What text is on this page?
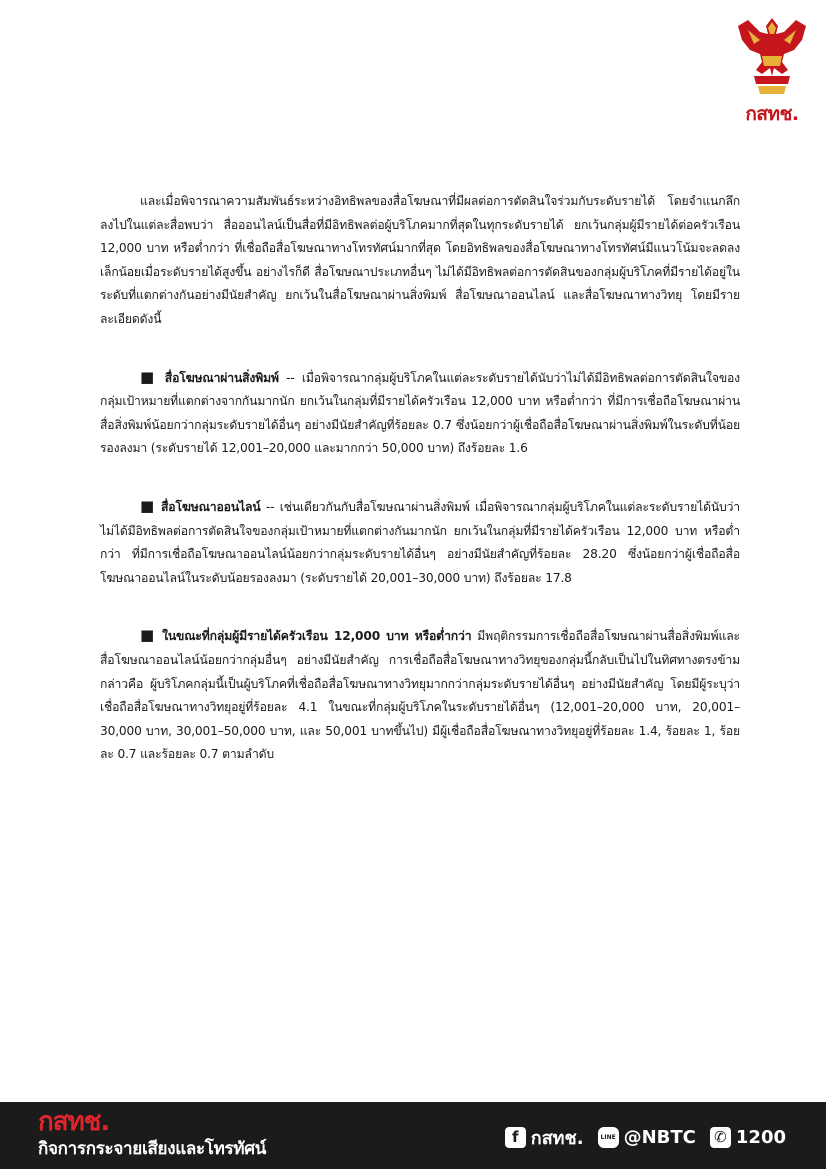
กสทช.

และเมื่อพิจารณาความสัมพันธ์ระหว่างอิทธิพลของสื่อโฆษณาที่มีผลต่อการตัดสินใจร่วมกับระดับรายได้ โดยจำแนกลึกลงไปในแต่ละสื่อพบว่า สื่อออนไลน์เป็นสื่อที่มีอิทธิพลต่อผู้บริโภคมากที่สุดในทุกระดับรายได้ ยกเว้นกลุ่มผู้มีรายได้ต่อครัวเรือน 12,000 บาท หรือต่ำกว่า ที่เชื่อถือสื่อโฆษณาทางโทรทัศน์มากที่สุด โดยอิทธิพลของสื่อโฆษณาทางโทรทัศน์มีแนวโน้มจะลดลงเล็กน้อยเมื่อระดับรายได้สูงขึ้น อย่างไรก็ดี สื่อโฆษณาประเภทอื่นๆ ไม่ได้มีอิทธิพลต่อการตัดสินของกลุ่มผู้บริโภคที่มีรายได้อยู่ในระดับที่แตกต่างกันอย่างมีนัยสำคัญ ยกเว้นในสื่อโฆษณาผ่านสิ่งพิมพ์ สื่อโฆษณาออนไลน์ และสื่อโฆษณาทางวิทยุ โดยมีรายละเอียดดังนี้

■ สื่อโฆษณาผ่านสิ่งพิมพ์ -- เมื่อพิจารณากลุ่มผู้บริโภคในแต่ละระดับรายได้นับว่าไม่ได้มีอิทธิพลต่อการตัดสินใจของกลุ่มเป้าหมายที่แตกต่างจากกันมากนัก ยกเว้นในกลุ่มที่มีรายได้ครัวเรือน 12,000 บาท หรือต่ำกว่า ที่มีการเชื่อถือโฆษณาผ่านสื่อสิ่งพิมพ์น้อยกว่ากลุ่มระดับรายได้อื่นๆ อย่างมีนัยสำคัญที่ร้อยละ 0.7 ซึ่งน้อยกว่าผู้เชื่อถือสื่อโฆษณาผ่านสิ่งพิมพ์ในระดับที่น้อยรองลงมา (ระดับรายได้ 12,001–20,000 และมากกว่า 50,000 บาท) ถึงร้อยละ 1.6

■ สื่อโฆษณาออนไลน์ -- เช่นเดียวกันกับสื่อโฆษณาผ่านสิ่งพิมพ์ เมื่อพิจารณากลุ่มผู้บริโภคในแต่ละระดับรายได้นับว่าไม่ได้มีอิทธิพลต่อการตัดสินใจของกลุ่มเป้าหมายที่แตกต่างกันมากนัก ยกเว้นในกลุ่มที่มีรายได้ครัวเรือน 12,000 บาท หรือต่ำกว่า ที่มีการเชื่อถือโฆษณาออนไลน์น้อยกว่ากลุ่มระดับรายได้อื่นๆ อย่างมีนัยสำคัญที่ร้อยละ 28.20 ซึ่งน้อยกว่าผู้เชื่อถือสื่อโฆษณาออนไลน์ในระดับน้อยรองลงมา (ระดับรายได้ 20,001–30,000 บาท) ถึงร้อยละ 17.8

■ ในขณะที่กลุ่มผู้มีรายได้ครัวเรือน 12,000 บาท หรือต่ำกว่า มีพฤติกรรมการเชื่อถือสื่อโฆษณาผ่านสื่อสิ่งพิมพ์และสื่อโฆษณาออนไลน์น้อยกว่ากลุ่มอื่นๆ อย่างมีนัยสำคัญ การเชื่อถือสื่อโฆษณาทางวิทยุของกลุ่มนี้กลับเป็นไปในทิศทางตรงข้าม กล่าวคือ ผู้บริโภคกลุ่มนี้เป็นผู้บริโภคที่เชื่อถือสื่อโฆษณาทางวิทยุมากกว่ากลุ่มระดับรายได้อื่นๆ อย่างมีนัยสำคัญ โดยมีผู้ระบุว่าเชื่อถือสื่อโฆษณาทางวิทยุอยู่ที่ร้อยละ 4.1 ในขณะที่กลุ่มผู้บริโภคในระดับรายได้อื่นๆ (12,001–20,000 บาท, 20,001–30,000 บาท, 30,001–50,000 บาท, และ 50,001 บาทขึ้นไป) มีผู้เชื่อถือสื่อโฆษณาทางวิทยุอยู่ที่ร้อยละ 1.4, ร้อยละ 1, ร้อยละ 0.7 และร้อยละ 0.7 ตามลำดับ

กสทช.
กิจการกระจายเสียงและโทรทัศน์
f กสทช.	LINE @NBTC ✆ 1200
